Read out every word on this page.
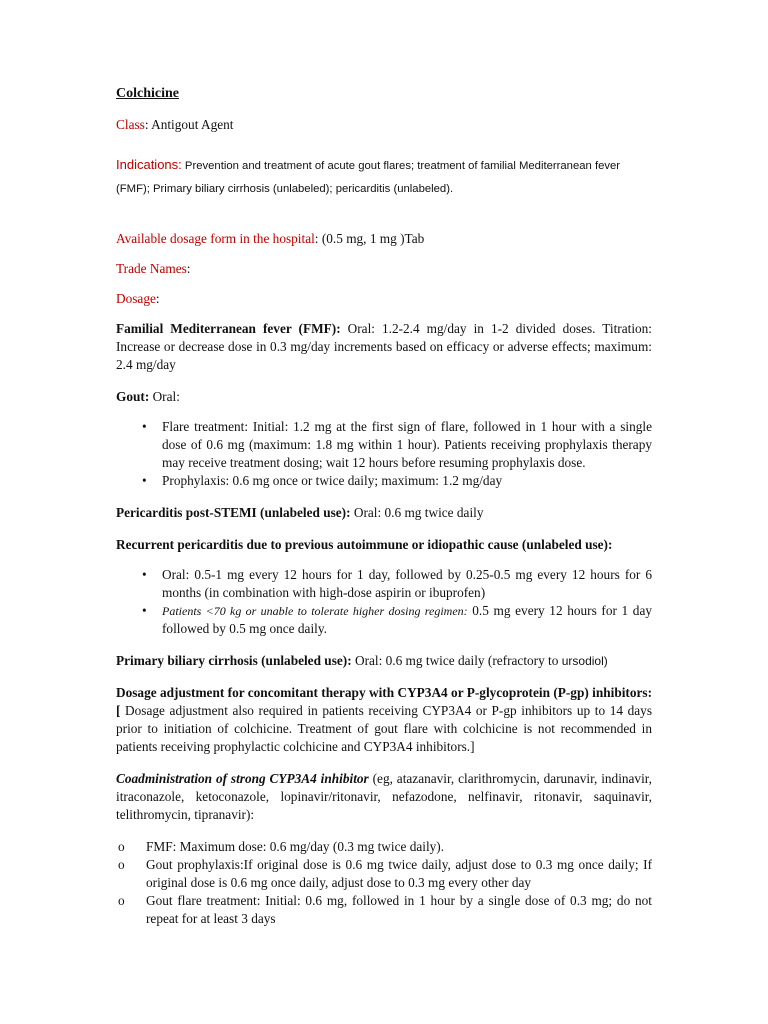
Colchicine

Class: Antigout Agent

Indications: Prevention and treatment of acute gout flares; treatment of familial Mediterranean fever (FMF); Primary biliary cirrhosis (unlabeled); pericarditis (unlabeled).

Available dosage form in the hospital: (0.5 mg, 1 mg )Tab

Trade Names:

Dosage:

Familial Mediterranean fever (FMF): Oral: 1.2-2.4 mg/day in 1-2 divided doses. Titration: Increase or decrease dose in 0.3 mg/day increments based on efficacy or adverse effects; maximum: 2.4 mg/day

Gout: Oral:

• Flare treatment: Initial: 1.2 mg at the first sign of flare, followed in 1 hour with a single dose of 0.6 mg (maximum: 1.8 mg within 1 hour). Patients receiving prophylaxis therapy may receive treatment dosing; wait 12 hours before resuming prophylaxis dose.
• Prophylaxis: 0.6 mg once or twice daily; maximum: 1.2 mg/day

Pericarditis post-STEMI (unlabeled use): Oral: 0.6 mg twice daily

Recurrent pericarditis due to previous autoimmune or idiopathic cause (unlabeled use):

• Oral: 0.5-1 mg every 12 hours for 1 day, followed by 0.25-0.5 mg every 12 hours for 6 months (in combination with high-dose aspirin or ibuprofen)
• Patients <70 kg or unable to tolerate higher dosing regimen: 0.5 mg every 12 hours for 1 day followed by 0.5 mg once daily.

Primary biliary cirrhosis (unlabeled use): Oral: 0.6 mg twice daily (refractory to ursodiol)

Dosage adjustment for concomitant therapy with CYP3A4 or P-glycoprotein (P-gp) inhibitors:[ Dosage adjustment also required in patients receiving CYP3A4 or P-gp inhibitors up to 14 days prior to initiation of colchicine. Treatment of gout flare with colchicine is not recommended in patients receiving prophylactic colchicine and CYP3A4 inhibitors.]

Coadministration of strong CYP3A4 inhibitor (eg, atazanavir, clarithromycin, darunavir, indinavir, itraconazole, ketoconazole, lopinavir/ritonavir, nefazodone, nelfinavir, ritonavir, saquinavir, telithromycin, tipranavir):

o FMF: Maximum dose: 0.6 mg/day (0.3 mg twice daily).
o Gout prophylaxis:If original dose is 0.6 mg twice daily, adjust dose to 0.3 mg once daily; If original dose is 0.6 mg once daily, adjust dose to 0.3 mg every other day
o Gout flare treatment: Initial: 0.6 mg, followed in 1 hour by a single dose of 0.3 mg; do not repeat for at least 3 days
